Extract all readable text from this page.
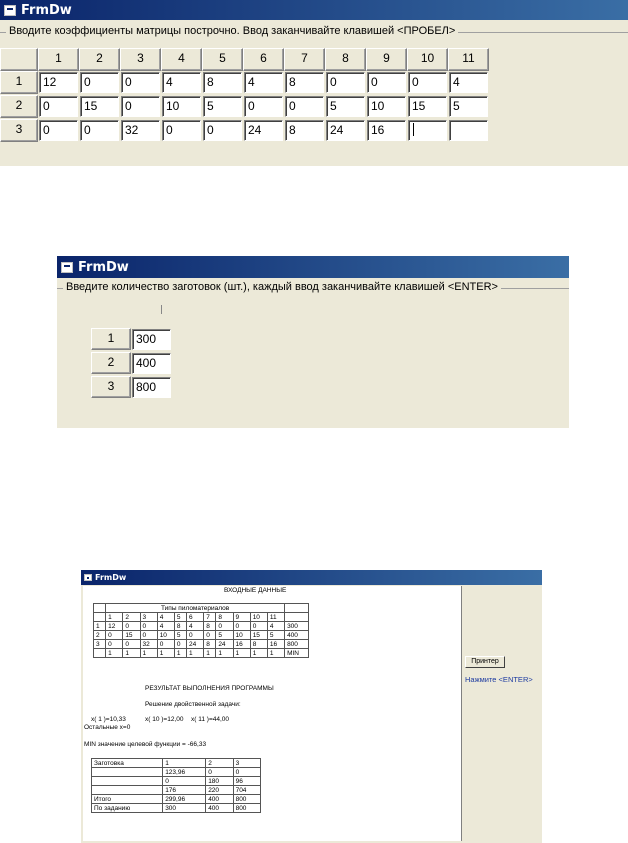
FrmDw
Вводите коэффициенты матрицы построчно. Ввод заканчивайте клавишей <ПРОБЕЛ>
1	2	3	4	5	6	7	8	9	10	11
1	12	0	0	4	8	4	8	0	0	0	4
2	0	15	0	10	5	0	0	5	10	15	5
3	0	0	32	0	0	24	8	24	16
FrmDw
Введите количество заготовок (шт.), каждый ввод заканчивайте клавишей <ENTER>
1	300
2	400
3	800
FrmDw
ВХОДНЫЕ ДАННЫЕ
	Типы пиломатериалов											
	1	2	3	4	5	6	7	8	9	10	11	
1	12	0	0	4	8	4	8	0	0	0	4	300
2	0	15	0	10	5	0	0	5	10	15	5	400
3	0	0	32	0	0	24	8	24	16	8	16	800
	1	1	1	1	1	1	1	1	1	1	1	MIN
РЕЗУЛЬТАТ ВЫПОЛНЕНИЯ ПРОГРАММЫ
Решение двойственной задачи:
x( 1 )=10,33	x( 10 )=12,00 x( 11 )=44,00
Остальные x=0
MIN значение целевой функции = -66,33
Заготовка	1	2	3
	123,96	0	0
	0	180	96
	176	220	704
Итого	299,96	400	800
По заданию	300	400	800
Принтер
Нажмите <ENTER>
